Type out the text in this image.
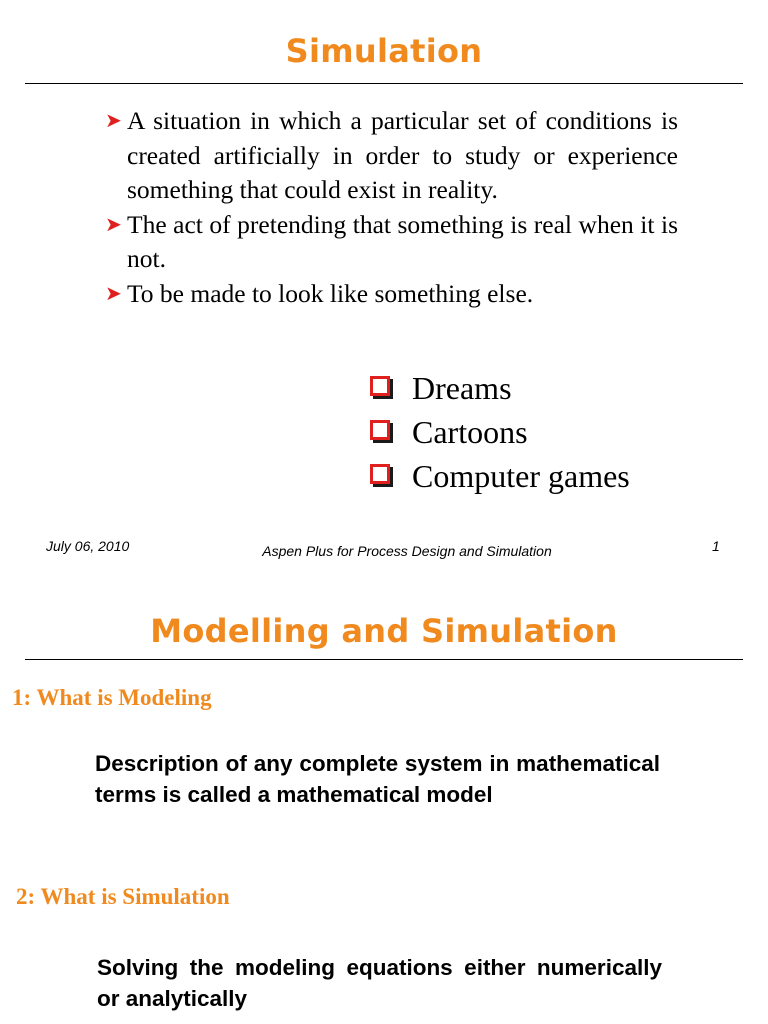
Simulation
➤ A situation in which a particular set of conditions is created artificially in order to study or experience something that could exist in reality.
➤ The act of pretending that something is real when it is not.
➤ To be made to look like something else.
Dreams
Cartoons
Computer games
July 06, 2010	Aspen Plus for Process Design and Simulation	1
Modelling and Simulation
1: What is Modeling
Description of any complete system in mathematical terms is called a mathematical model
2: What is Simulation
Solving the modeling equations either numerically or analytically
